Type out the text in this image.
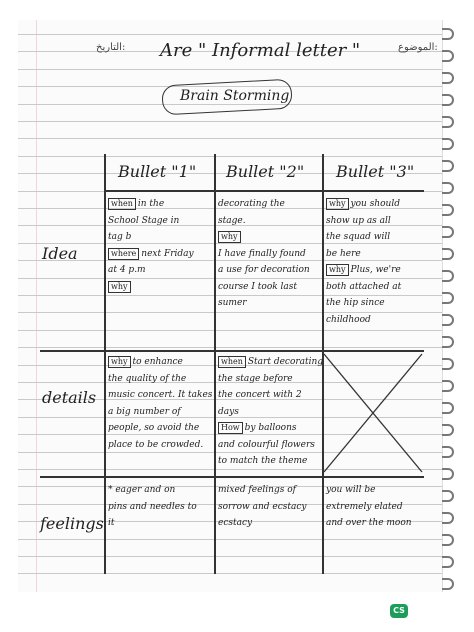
التاريخ: Are " Informal letter "	الموضوع:
Brain Storming
Bullet "1" Bullet "2" Bullet "3"
Idea
details
feelings
when in the
School Stage in
tag b
where next Friday
at 4 p.m
why
decorating the
stage.
why
I have finally found
a use for decoration
course I took last
sumer
why you should
show up as all
the squad will
be here
why Plus, we're
both attached at
the hip since
childhood
why to enhance
the quality of the
music concert. It takes
a big number of
people, so avoid the
place to be crowded.
when Start decorating
the stage before
the concert with 2
days
How by balloons
and colourful flowers
to match the theme
* eager and on
pins and needles to
it
mixed feelings of
sorrow and ecstacy
ecstacy
you will be
extremely elated
and over the moon
CS
